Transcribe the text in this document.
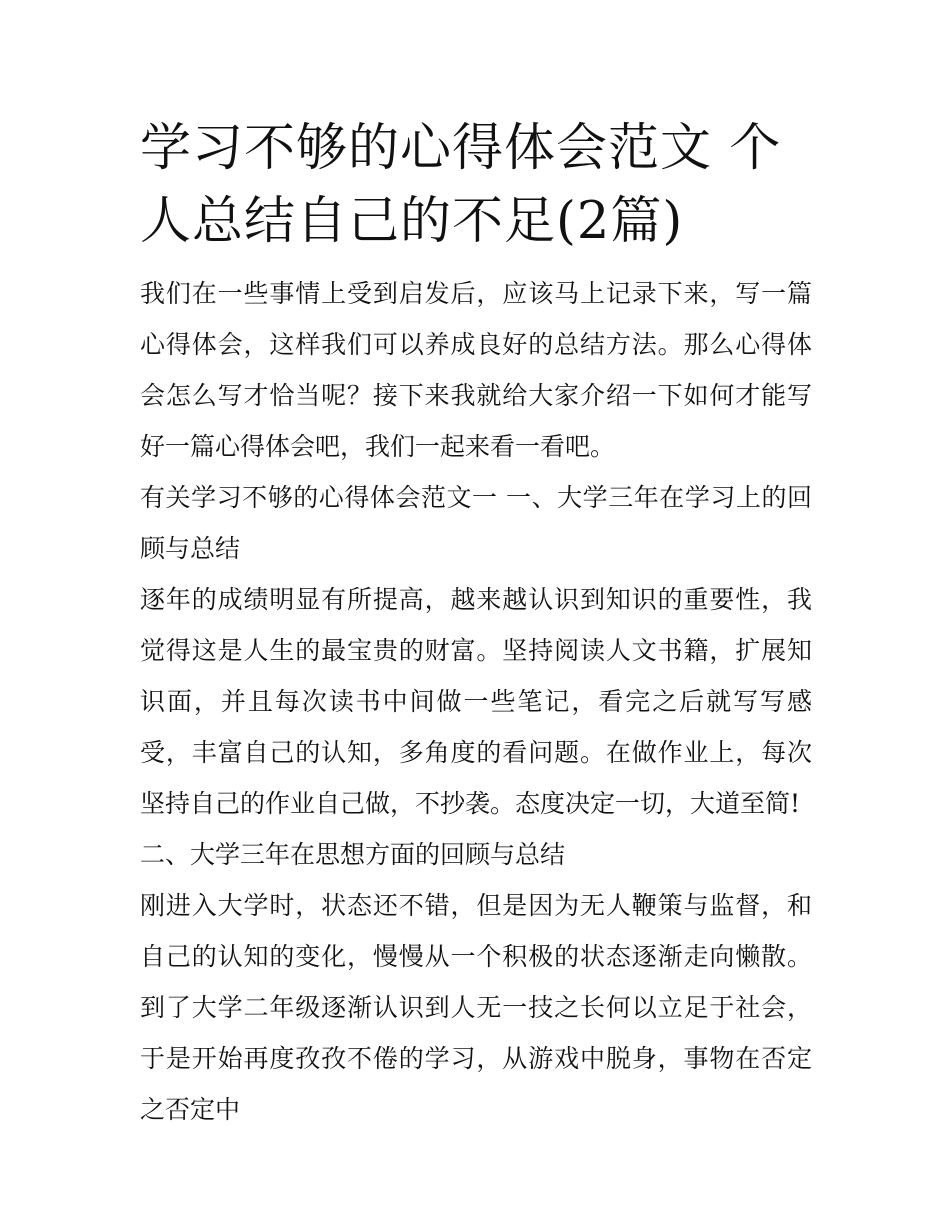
学习不够的心得体会范文 个人总结自己的不足(2篇)

我们在一些事情上受到启发后，应该马上记录下来，写一篇心得体会，这样我们可以养成良好的总结方法。那么心得体会怎么写才恰当呢？接下来我就给大家介绍一下如何才能写好一篇心得体会吧，我们一起来看一看吧。

有关学习不够的心得体会范文一 一、大学三年在学习上的回顾与总结

逐年的成绩明显有所提高，越来越认识到知识的重要性，我觉得这是人生的最宝贵的财富。坚持阅读人文书籍，扩展知识面，并且每次读书中间做一些笔记，看完之后就写写感受，丰富自己的认知，多角度的看问题。在做作业上，每次坚持自己的作业自己做，不抄袭。态度决定一切，大道至简!

二、大学三年在思想方面的回顾与总结

刚进入大学时，状态还不错，但是因为无人鞭策与监督，和自己的认知的变化，慢慢从一个积极的状态逐渐走向懒散。到了大学二年级逐渐认识到人无一技之长何以立足于社会，于是开始再度孜孜不倦的学习，从游戏中脱身，事物在否定之否定中
